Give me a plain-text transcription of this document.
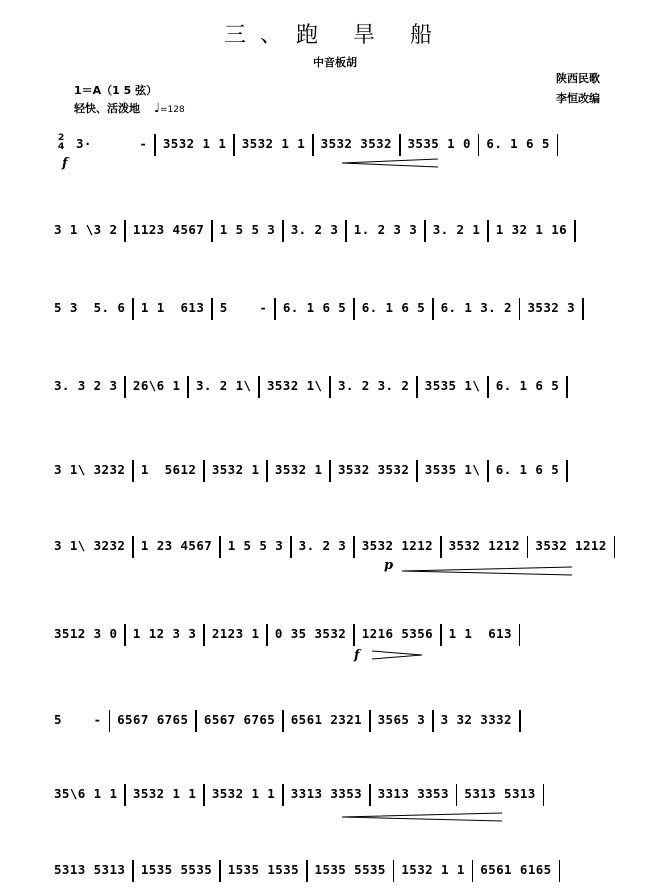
三、跑 旱 船
中音板胡
1＝A（1 5 弦）
轻快、活泼地 ♩=128
陕西民歌
李恒改编
3·      - 3532 1 1 3532 1 1 3532 3532 3535 1 0 6. 1 6 5
2
4
3 1 \3 2 1123 4567 1 5 5 3 3. 2 3 1. 2 3 3 3. 2 1 1 32 1 16
5 3  5. 6 1 1  613 5    - 6. 1 6 5 6. 1 6 5 6. 1 3. 2 3532 3
3. 3 2 3 26\6 1 3. 2 1\ 3532 1\ 3. 2 3. 2 3535 1\ 6. 1 6 5
3 1\ 3232 1  5612 3532 1 3532 1 3532 3532 3535 1\ 6. 1 6 5
3 1\ 3232 1 23 4567 1 5 5 3 3. 2 3 3532 1212 3532 1212 3532 1212
3512 3 0 1 12 3 3 2123 1 0 35 3532 1216 5356 1 1  613
5    - 6567 6765 6567 6765 6561 2321 3565 3 3 32 3332
35\6 1 1 3532 1 1 3532 1 1 3313 3353 3313 3353 5313 5313
5313 5313 1535 5535 1535 1535 1535 5535 1532 1 1 6561 6165
f
p
f
